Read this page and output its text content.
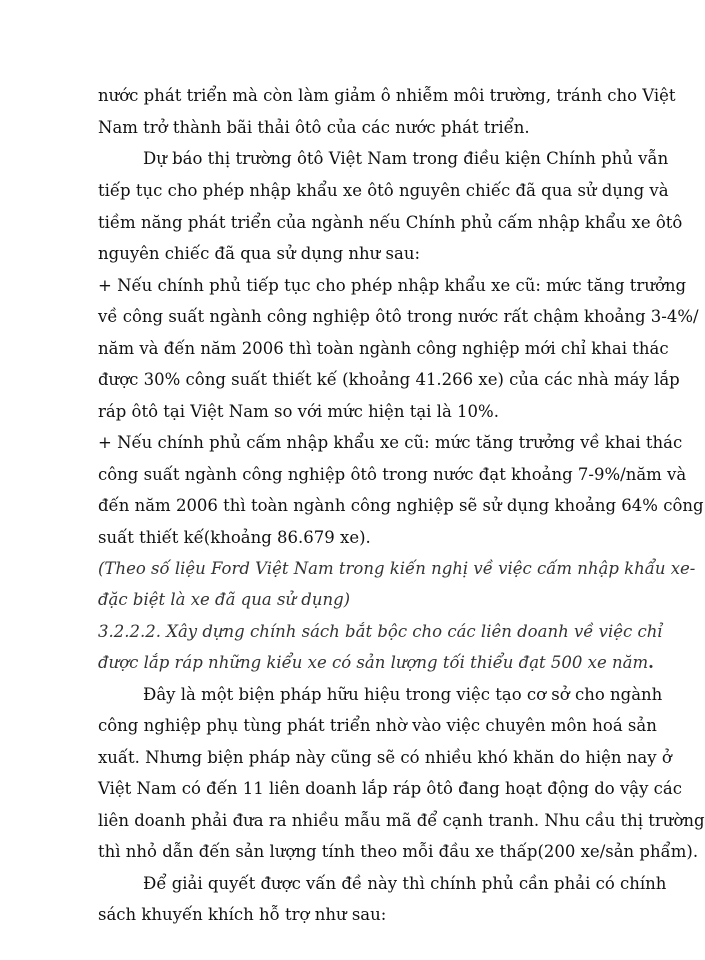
nước phát triển mà còn làm giảm ô nhiễm môi trường, tránh cho Việt
Nam trở thành bãi thải ôtô của các nước phát triển.
Dự báo thị trường ôtô Việt Nam trong điều kiện Chính phủ vẫn
tiếp tục cho phép nhập khẩu xe ôtô nguyên chiếc đã qua sử dụng và
tiềm năng phát triển của ngành nếu Chính phủ cấm nhập khẩu xe ôtô
nguyên chiếc đã qua sử dụng như sau:
+ Nếu chính phủ tiếp tục cho phép nhập khẩu xe cũ: mức tăng trưởng
về công suất ngành công nghiệp ôtô trong nước rất chậm khoảng 3-4%/
năm và đến năm 2006 thì toàn ngành công nghiệp mới chỉ khai thác
được 30% công suất thiết kế (khoảng 41.266 xe) của các nhà máy lắp
ráp ôtô tại Việt Nam so với mức hiện tại là 10%.
+ Nếu chính phủ cấm nhập khẩu xe cũ: mức tăng trưởng về khai thác
công suất ngành công nghiệp ôtô trong nước đạt khoảng 7-9%/năm và
đến năm 2006 thì toàn ngành công nghiệp sẽ sử dụng khoảng 64% công
suất thiết kế(khoảng 86.679 xe).
(Theo số liệu Ford Việt Nam trong kiến nghị về việc cấm nhập khẩu xe-
đặc biệt là xe đã qua sử dụng)
3.2.2.2. Xây dựng chính sách bắt bộc cho các liên doanh về việc chỉ
được lắp ráp những kiểu xe có sản lượng tối thiểu đạt 500 xe năm.
Đây là một biện pháp hữu hiệu trong việc tạo cơ sở cho ngành
công nghiệp phụ tùng phát triển nhờ vào việc chuyên môn hoá sản
xuất. Nhưng biện pháp này cũng sẽ có nhiều khó khăn do hiện nay ở
Việt Nam có đến 11 liên doanh lắp ráp ôtô đang hoạt động do vậy các
liên doanh phải đưa ra nhiều mẫu mã để cạnh tranh. Nhu cầu thị trường
thì nhỏ dẫn đến sản lượng tính theo mỗi đầu xe thấp(200 xe/sản phẩm).
Để giải quyết được vấn đề này thì chính phủ cần phải có chính
sách khuyến khích hỗ trợ như sau:
